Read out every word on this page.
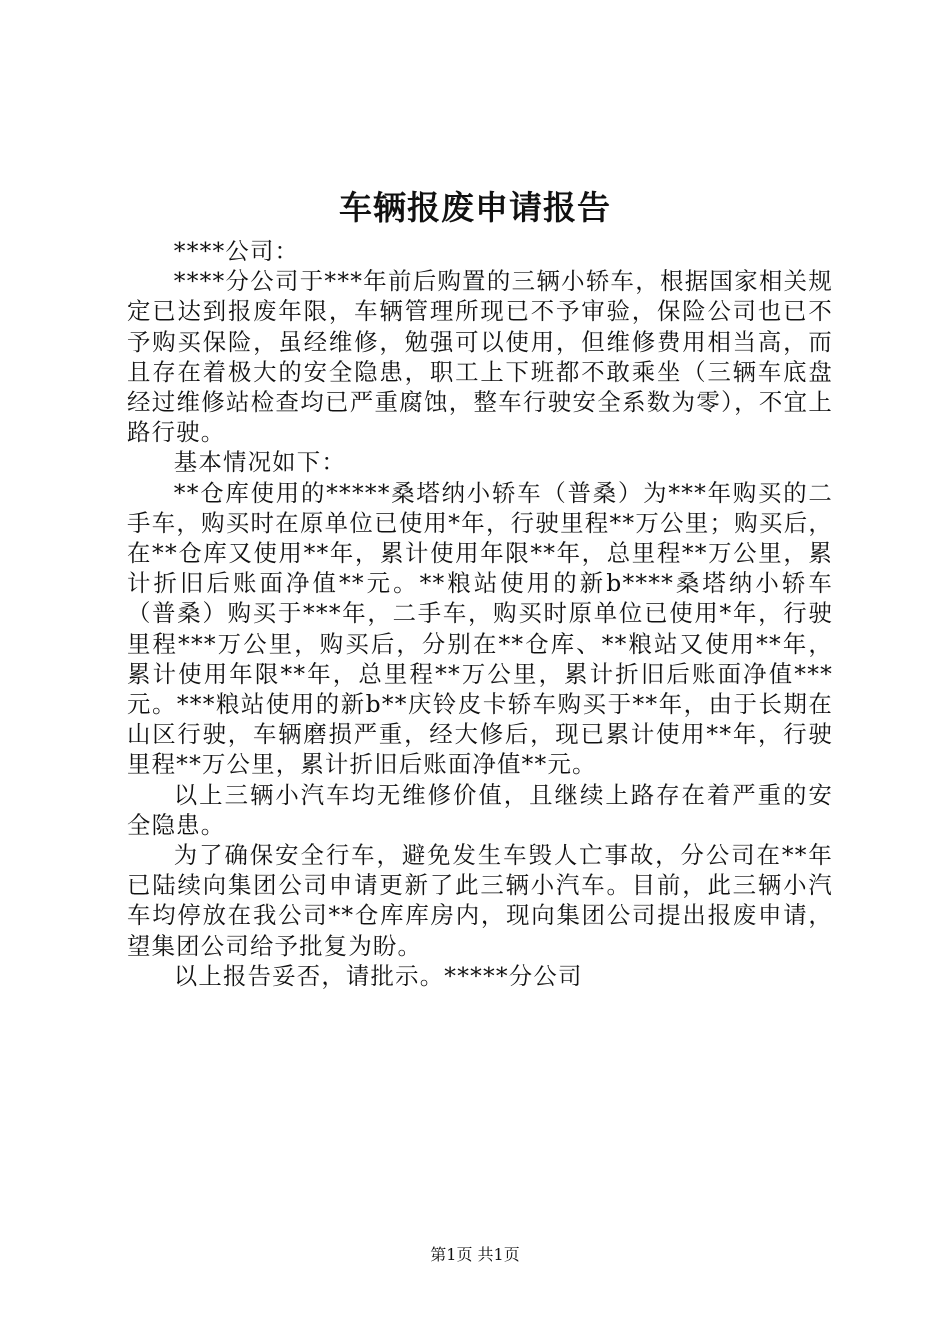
车辆报废申请报告

****公司：

****分公司于***年前后购置的三辆小轿车，根据国家相关规定已达到报废年限，车辆管理所现已不予审验，保险公司也已不予购买保险，虽经维修，勉强可以使用，但维修费用相当高，而且存在着极大的安全隐患，职工上下班都不敢乘坐（三辆车底盘经过维修站检查均已严重腐蚀，整车行驶安全系数为零），不宜上路行驶。

基本情况如下：

**仓库使用的*****桑塔纳小轿车（普桑）为***年购买的二手车，购买时在原单位已使用*年，行驶里程**万公里；购买后，在**仓库又使用**年，累计使用年限**年，总里程**万公里，累计折旧后账面净值**元。**粮站使用的新b****桑塔纳小轿车（普桑）购买于***年，二手车，购买时原单位已使用*年，行驶里程***万公里，购买后，分别在**仓库、**粮站又使用**年，累计使用年限**年，总里程**万公里，累计折旧后账面净值***元。***粮站使用的新b**庆铃皮卡轿车购买于**年，由于长期在山区行驶，车辆磨损严重，经大修后，现已累计使用**年，行驶里程**万公里，累计折旧后账面净值**元。

以上三辆小汽车均无维修价值，且继续上路存在着严重的安全隐患。

为了确保安全行车，避免发生车毁人亡事故，分公司在**年已陆续向集团公司申请更新了此三辆小汽车。目前，此三辆小汽车均停放在我公司**仓库库房内，现向集团公司提出报废申请，望集团公司给予批复为盼。

以上报告妥否，请批示。*****分公司

第1页 共1页
